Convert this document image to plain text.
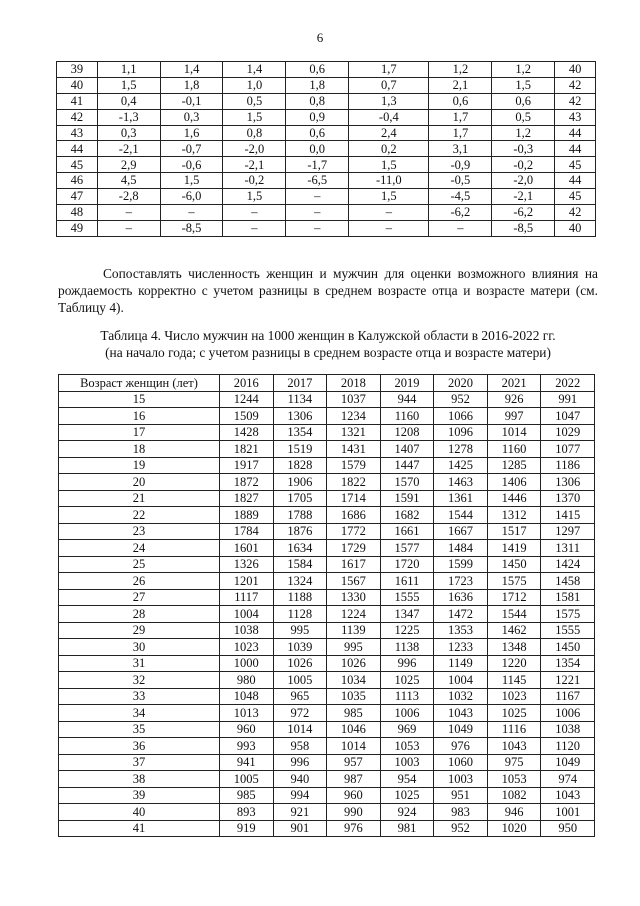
6
39	1,1	1,4	1,4	0,6	1,7	1,2	1,2	40
40	1,5	1,8	1,0	1,8	0,7	2,1	1,5	42
41	0,4	-0,1	0,5	0,8	1,3	0,6	0,6	42
42	-1,3	0,3	1,5	0,9	-0,4	1,7	0,5	43
43	0,3	1,6	0,8	0,6	2,4	1,7	1,2	44
44	-2,1	-0,7	-2,0	0,0	0,2	3,1	-0,3	44
45	2,9	-0,6	-2,1	-1,7	1,5	-0,9	-0,2	45
46	4,5	1,5	-0,2	-6,5	-11,0	-0,5	-2,0	44
47	-2,8	-6,0	1,5	–	1,5	-4,5	-2,1	45
48	–	–	–	–	–	-6,2	-6,2	42
49	–	-8,5	–	–	–	–	-8,5	40
Сопоставлять численность женщин и мужчин для оценки возможного влияния на рождаемость корректно с учетом разницы в среднем возрасте отца и возрасте матери (см. Таблицу 4).
Таблица 4. Число мужчин на 1000 женщин в Калужской области в 2016-2022 гг.
(на начало года; с учетом разницы в среднем возрасте отца и возрасте матери)
Возраст женщин (лет)	2016	2017	2018	2019	2020	2021	2022
15	1244	1134	1037	944	952	926	991
16	1509	1306	1234	1160	1066	997	1047
17	1428	1354	1321	1208	1096	1014	1029
18	1821	1519	1431	1407	1278	1160	1077
19	1917	1828	1579	1447	1425	1285	1186
20	1872	1906	1822	1570	1463	1406	1306
21	1827	1705	1714	1591	1361	1446	1370
22	1889	1788	1686	1682	1544	1312	1415
23	1784	1876	1772	1661	1667	1517	1297
24	1601	1634	1729	1577	1484	1419	1311
25	1326	1584	1617	1720	1599	1450	1424
26	1201	1324	1567	1611	1723	1575	1458
27	1117	1188	1330	1555	1636	1712	1581
28	1004	1128	1224	1347	1472	1544	1575
29	1038	995	1139	1225	1353	1462	1555
30	1023	1039	995	1138	1233	1348	1450
31	1000	1026	1026	996	1149	1220	1354
32	980	1005	1034	1025	1004	1145	1221
33	1048	965	1035	1113	1032	1023	1167
34	1013	972	985	1006	1043	1025	1006
35	960	1014	1046	969	1049	1116	1038
36	993	958	1014	1053	976	1043	1120
37	941	996	957	1003	1060	975	1049
38	1005	940	987	954	1003	1053	974
39	985	994	960	1025	951	1082	1043
40	893	921	990	924	983	946	1001
41	919	901	976	981	952	1020	950
